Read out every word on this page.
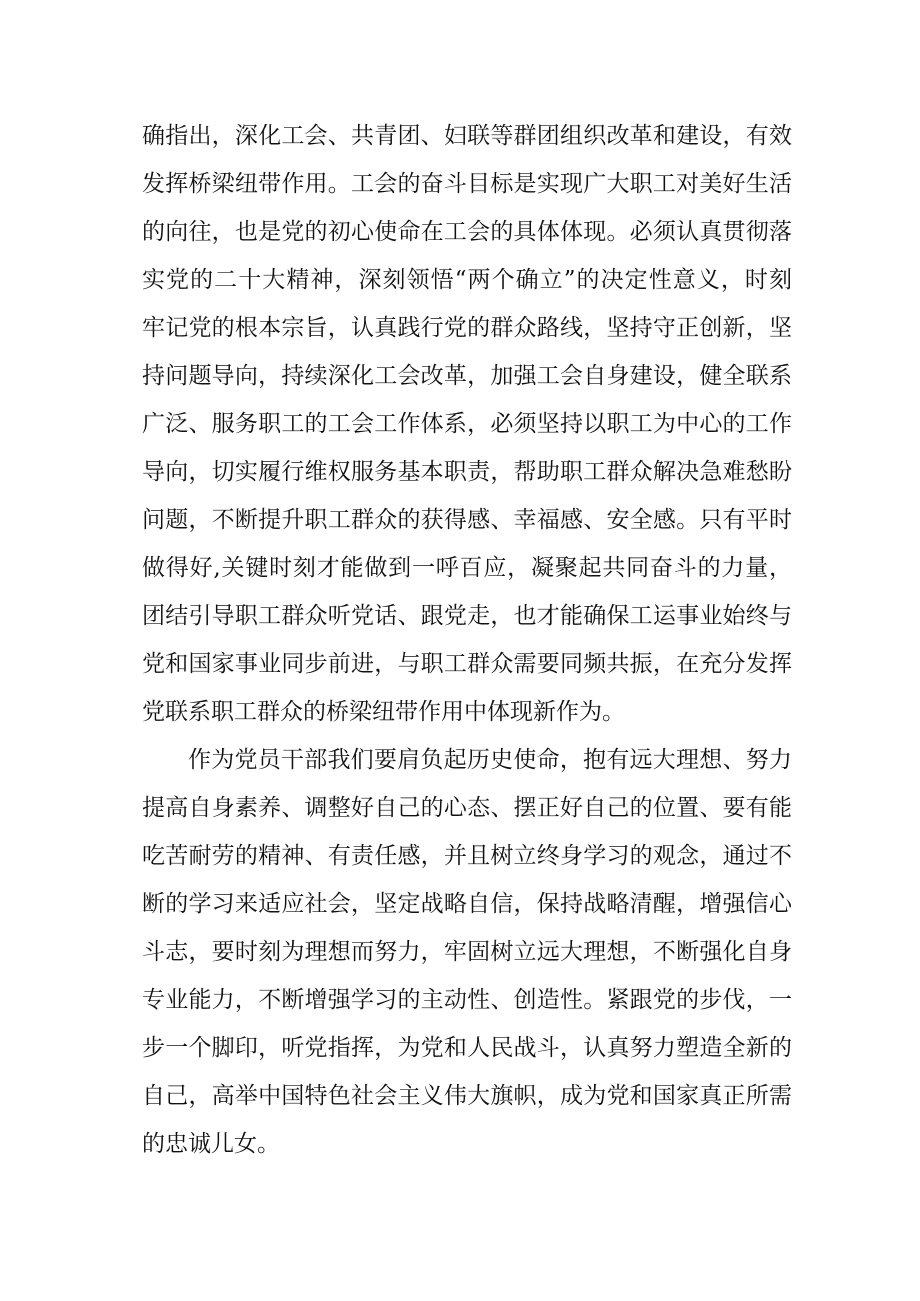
确指出，深化工会、共青团、妇联等群团组织改革和建设，有效
发挥桥梁纽带作用。工会的奋斗目标是实现广大职工对美好生活
的向往，也是党的初心使命在工会的具体体现。必须认真贯彻落
实党的二十大精神，深刻领悟“两个确立”的决定性意义，时刻
牢记党的根本宗旨，认真践行党的群众路线，坚持守正创新，坚
持问题导向，持续深化工会改革，加强工会自身建设，健全联系
广泛、服务职工的工会工作体系，必须坚持以职工为中心的工作
导向，切实履行维权服务基本职责，帮助职工群众解决急难愁盼
问题，不断提升职工群众的获得感、幸福感、安全感。只有平时
做得好,关键时刻才能做到一呼百应，凝聚起共同奋斗的力量，
团结引导职工群众听党话、跟党走，也才能确保工运事业始终与
党和国家事业同步前进，与职工群众需要同频共振，在充分发挥
党联系职工群众的桥梁纽带作用中体现新作为。
作为党员干部我们要肩负起历史使命，抱有远大理想、努力
提高自身素养、调整好自己的心态、摆正好自己的位置、要有能
吃苦耐劳的精神、有责任感，并且树立终身学习的观念，通过不
断的学习来适应社会，坚定战略自信，保持战略清醒，增强信心
斗志，要时刻为理想而努力，牢固树立远大理想，不断强化自身
专业能力，不断增强学习的主动性、创造性。紧跟党的步伐，一
步一个脚印，听党指挥，为党和人民战斗，认真努力塑造全新的
自己，高举中国特色社会主义伟大旗帜，成为党和国家真正所需
的忠诚儿女。
